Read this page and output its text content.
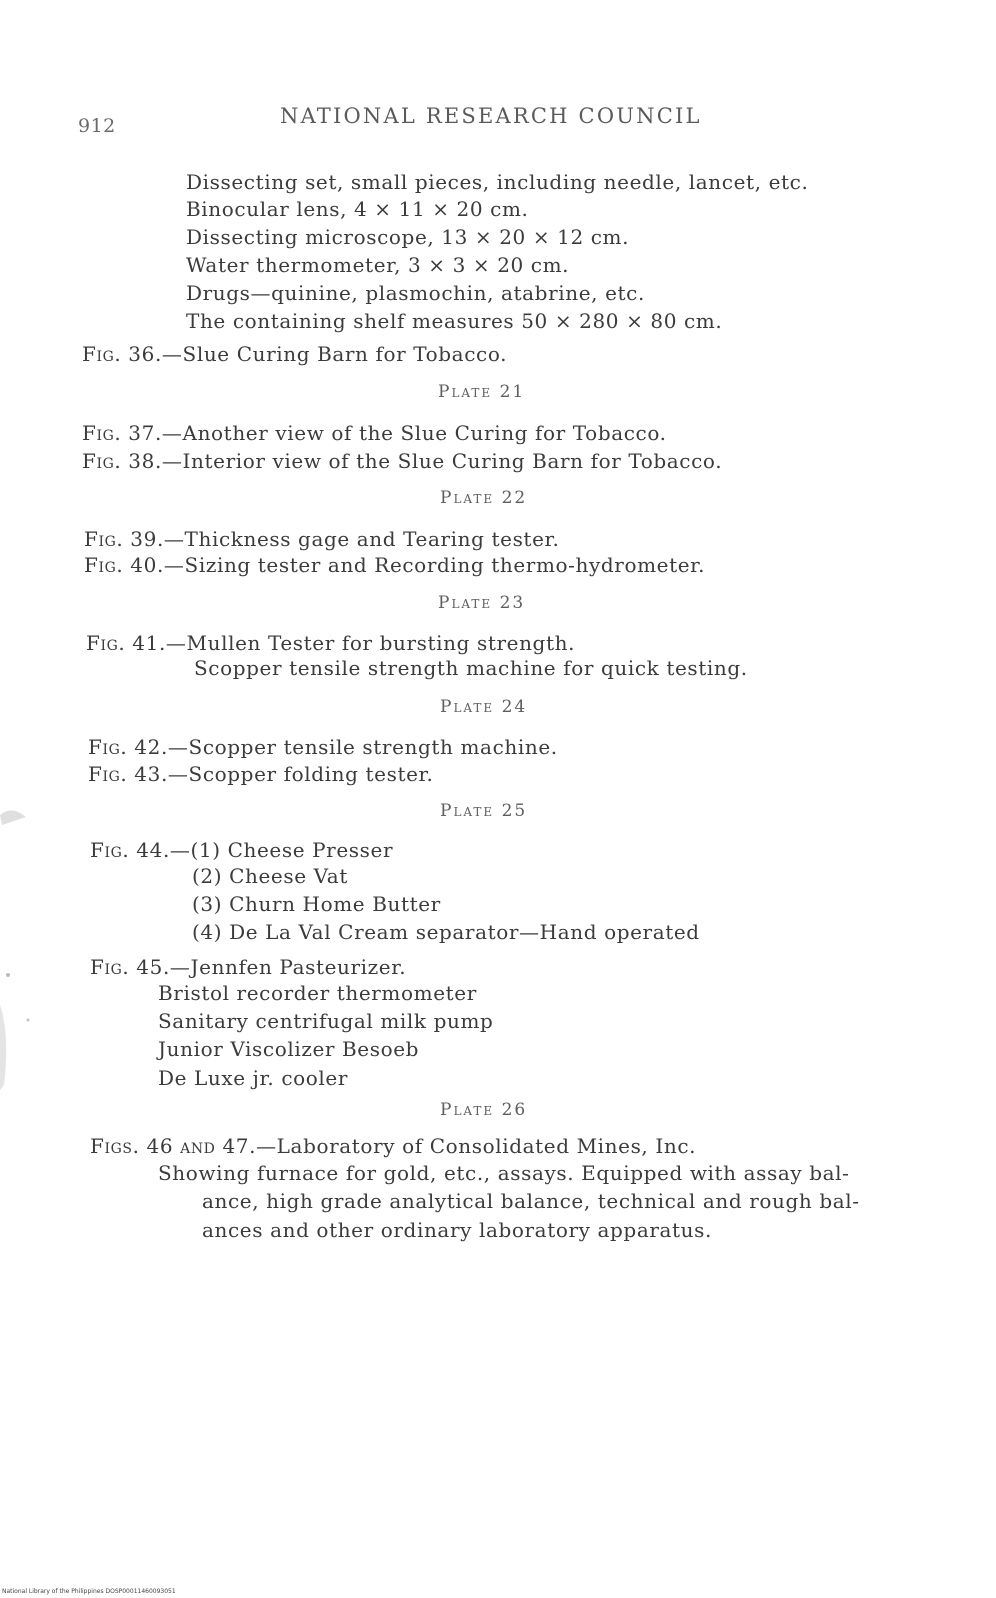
912	NATIONAL RESEARCH COUNCIL
Dissecting set, small pieces, including needle, lancet, etc.
Binocular lens, 4 × 11 × 20 cm.
Dissecting microscope, 13 × 20 × 12 cm.
Water thermometer, 3 × 3 × 20 cm.
Drugs—quinine, plasmochin, atabrine, etc.
The containing shelf measures 50 × 280 × 80 cm.
Fig. 36.—Slue Curing Barn for Tobacco.
Plate 21
Fig. 37.—Another view of the Slue Curing for Tobacco.
Fig. 38.—Interior view of the Slue Curing Barn for Tobacco.
Plate 22
Fig. 39.—Thickness gage and Tearing tester.
Fig. 40.—Sizing tester and Recording thermo-hydrometer.
Plate 23
Fig. 41.—Mullen Tester for bursting strength.
Scopper tensile strength machine for quick testing.
Plate 24
Fig. 42.—Scopper tensile strength machine.
Fig. 43.—Scopper folding tester.
Plate 25
Fig. 44.—(1) Cheese Presser
(2) Cheese Vat
(3) Churn Home Butter
(4) De La Val Cream separator—Hand operated
Fig. 45.—Jennfen Pasteurizer.
Bristol recorder thermometer
Sanitary centrifugal milk pump
Junior Viscolizer Besoeb
De Luxe jr. cooler
Plate 26
Figs. 46 and 47.—Laboratory of Consolidated Mines, Inc.
Showing furnace for gold, etc., assays. Equipped with assay bal-
ance, high grade analytical balance, technical and rough bal-
ances and other ordinary laboratory apparatus.
National Library of the Philippines DOSP00011460093051
